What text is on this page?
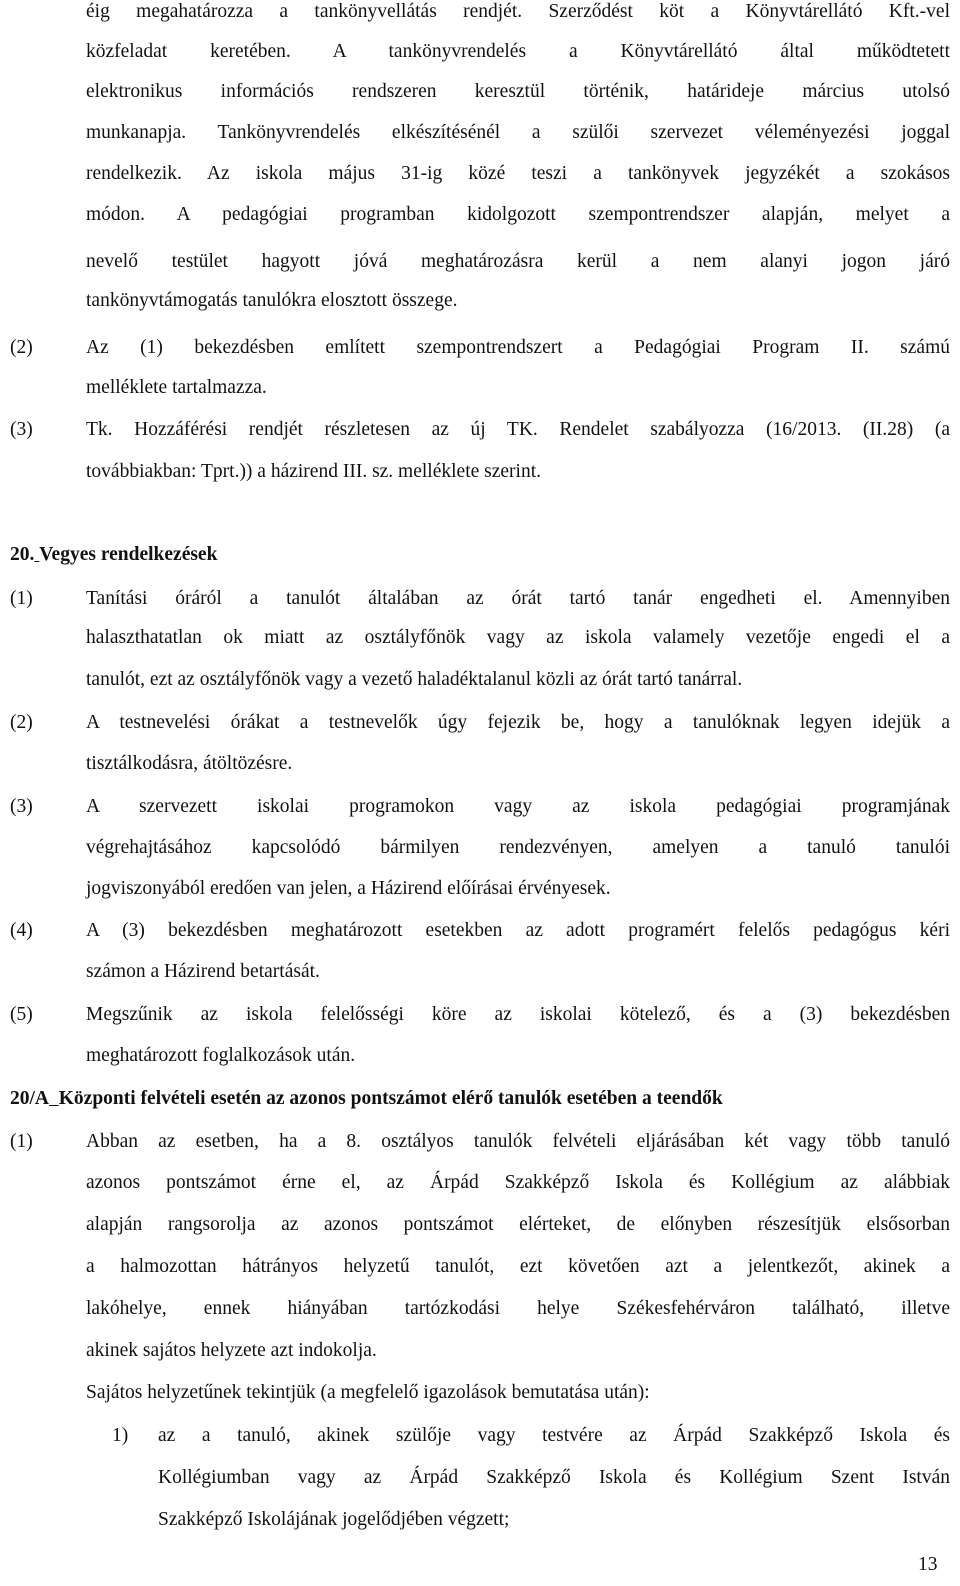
éig megahatározza a tankönyvellátás rendjét. Szerződést köt a Könyvtárellátó Kft.-vel
közfeladat keretében. A tankönyvrendelés a Könyvtárellátó által működtetett
elektronikus információs rendszeren keresztül történik, határideje március utolsó
munkanapja. Tankönyvrendelés elkészítésénél a szülői szervezet véleményezési joggal
rendelkezik. Az iskola május 31-ig közé teszi a tankönyvek jegyzékét a szokásos
módon. A pedagógiai programban kidolgozott szempontrendszer alapján, melyet a
nevelő testület hagyott jóvá meghatározásra kerül a nem alanyi jogon járó
tankönyvtámogatás tanulókra elosztott összege.
(2)	Az (1) bekezdésben említett szempontrendszert a Pedagógiai Program II. számú
melléklete tartalmazza.
(3)	Tk. Hozzáférési rendjét részletesen az új TK. Rendelet szabályozza (16/2013. (II.28) (a
továbbiakban: Tprt.)) a házirend III. sz. melléklete szerint.
20. Vegyes rendelkezések
(1)	Tanítási óráról a tanulót általában az órát tartó tanár engedheti el. Amennyiben
halaszthatatlan ok miatt az osztályfőnök vagy az iskola valamely vezetője engedi el a
tanulót, ezt az osztályfőnök vagy a vezető haladéktalanul közli az órát tartó tanárral.
(2)	A testnevelési órákat a testnevelők úgy fejezik be, hogy a tanulóknak legyen idejük a
tisztálkodásra, átöltözésre.
(3)	A szervezett iskolai programokon vagy az iskola pedagógiai programjának
végrehajtásához kapcsolódó bármilyen rendezvényen, amelyen a tanuló tanulói
jogviszonyából eredően van jelen, a Házirend előírásai érvényesek.
(4)	A (3) bekezdésben meghatározott esetekben az adott programért felelős pedagógus kéri
számon a Házirend betartását.
(5)	Megszűnik az iskola felelősségi köre az iskolai kötelező, és a (3) bekezdésben
meghatározott foglalkozások után.
20/A Központi felvételi esetén az azonos pontszámot elérő tanulók esetében a teendők
(1)	Abban az esetben, ha a 8. osztályos tanulók felvételi eljárásában két vagy több tanuló
azonos pontszámot érne el, az Árpád Szakképző Iskola és Kollégium az alábbiak
alapján rangsorolja az azonos pontszámot elérteket, de előnyben részesítjük elsősorban
a halmozottan hátrányos helyzetű tanulót, ezt követően azt a jelentkezőt, akinek a
lakóhelye, ennek hiányában tartózkodási helye Székesfehérváron található, illetve
akinek sajátos helyzete azt indokolja.
Sajátos helyzetűnek tekintjük (a megfelelő igazolások bemutatása után):
1) az a tanuló, akinek szülője vagy testvére az Árpád Szakképző Iskola és
Kollégiumban vagy az Árpád Szakképző Iskola és Kollégium Szent István
Szakképző Iskolájának jogelődjében végzett;
13
